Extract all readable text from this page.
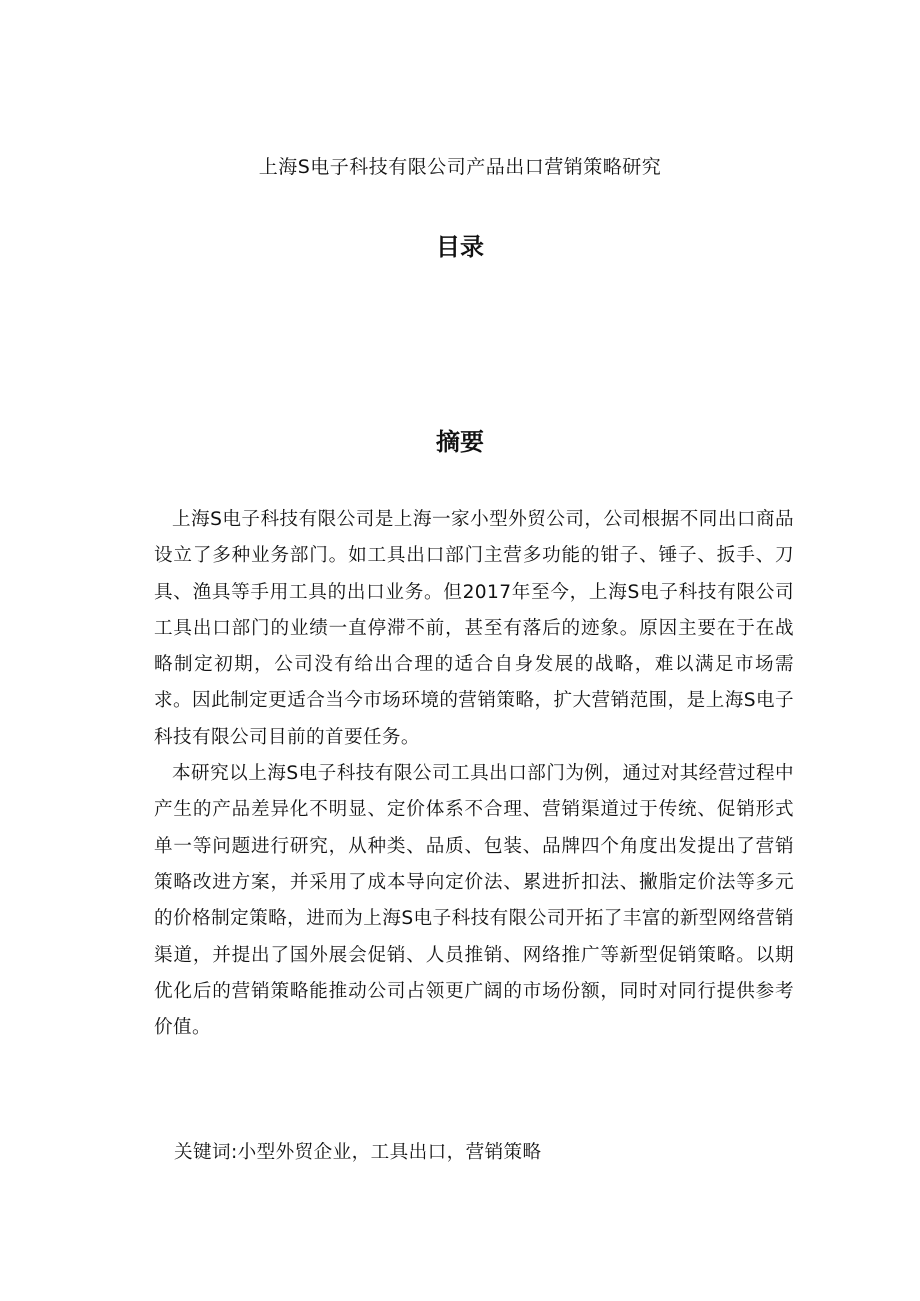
上海S电子科技有限公司产品出口营销策略研究
目录
摘要

上海S电子科技有限公司是上海一家小型外贸公司，公司根据不同出口商品设立了多种业务部门。如工具出口部门主营多功能的钳子、锤子、扳手、刀具、渔具等手用工具的出口业务。但2017年至今，上海S电子科技有限公司工具出口部门的业绩一直停滞不前，甚至有落后的迹象。原因主要在于在战略制定初期，公司没有给出合理的适合自身发展的战略，难以满足市场需求。因此制定更适合当今市场环境的营销策略，扩大营销范围，是上海S电子科技有限公司目前的首要任务。

本研究以上海S电子科技有限公司工具出口部门为例，通过对其经营过程中产生的产品差异化不明显、定价体系不合理、营销渠道过于传统、促销形式单一等问题进行研究，从种类、品质、包装、品牌四个角度出发提出了营销策略改进方案，并采用了成本导向定价法、累进折扣法、撇脂定价法等多元的价格制定策略，进而为上海S电子科技有限公司开拓了丰富的新型网络营销渠道，并提出了国外展会促销、人员推销、网络推广等新型促销策略。以期优化后的营销策略能推动公司占领更广阔的市场份额，同时对同行提供参考价值。

关键词:小型外贸企业，工具出口，营销策略
